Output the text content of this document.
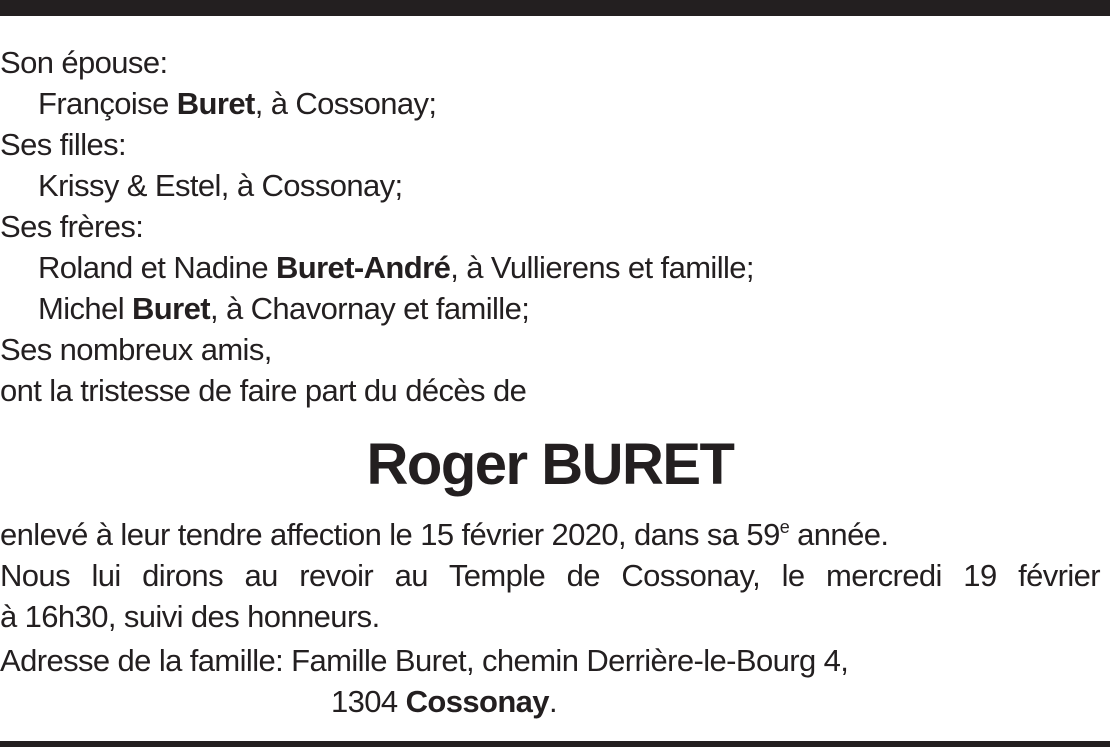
Son épouse:
Françoise Buret, à Cossonay;
Ses filles:
Krissy & Estel, à Cossonay;
Ses frères:
Roland et Nadine Buret-André, à Vullierens et famille;
Michel Buret, à Chavornay et famille;
Ses nombreux amis,
ont la tristesse de faire part du décès de
Roger BURET
enlevé à leur tendre affection le 15 février 2020, dans sa 59e année.
Nous lui dirons au revoir au Temple de Cossonay, le mercredi 19 février
à 16h30, suivi des honneurs.
Adresse de la famille: Famille Buret, chemin Derrière-le-Bourg 4,
1304 Cossonay.
